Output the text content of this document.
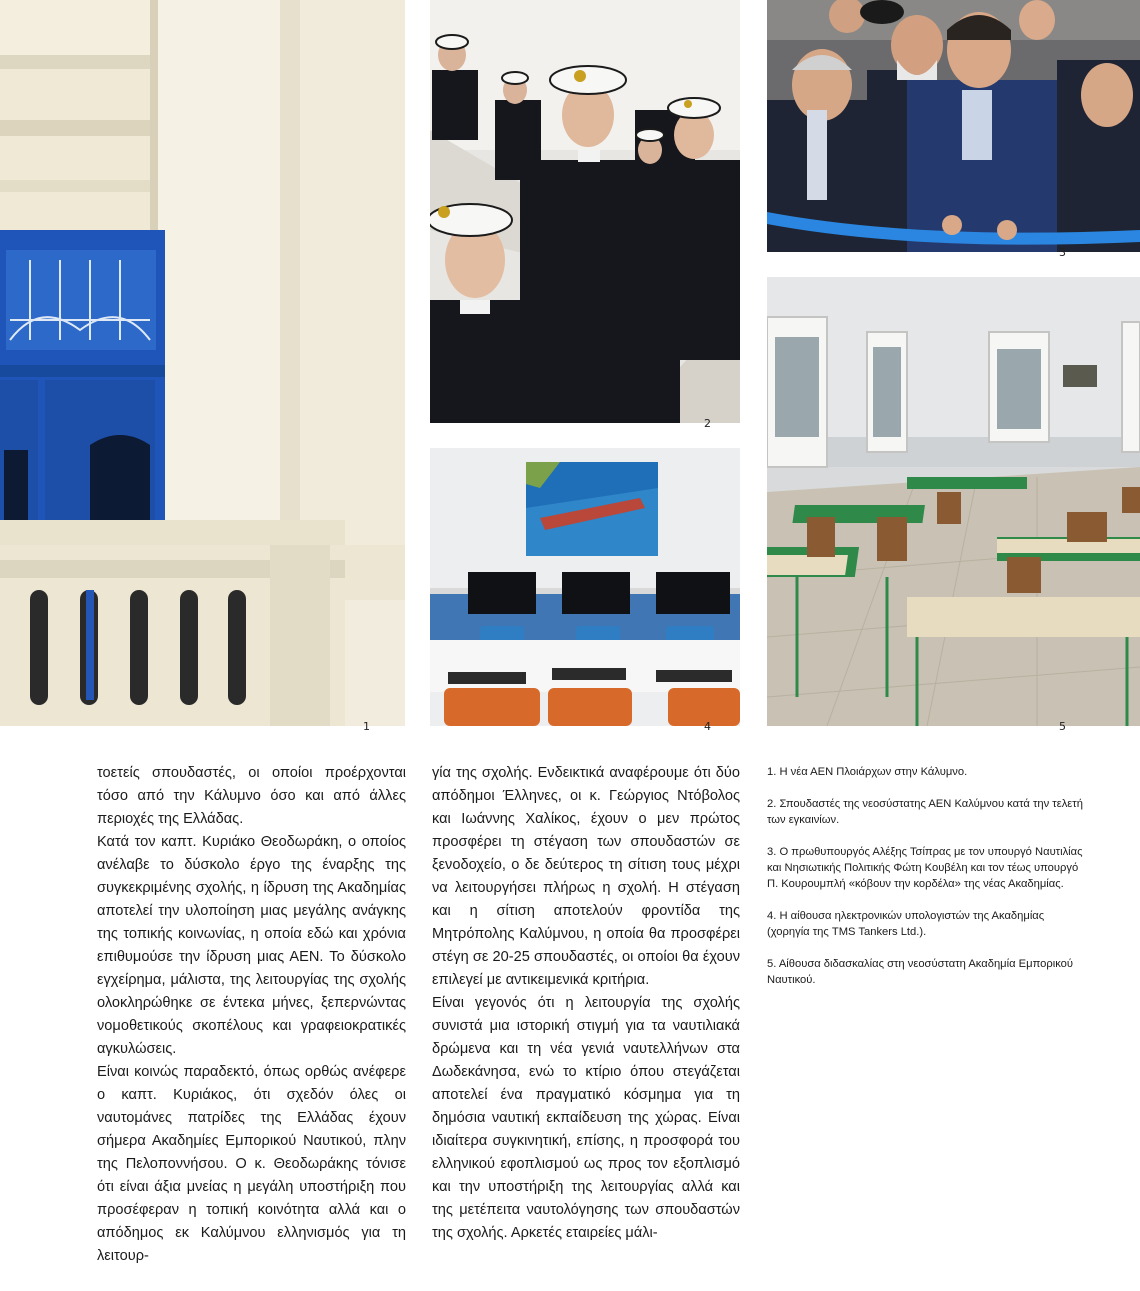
1
2
3
4	5

τοετείς σπουδαστές, οι οποίοι προέρχονται τόσο από την Κάλυμνο όσο και από άλλες περιοχές της Ελλάδας.

Κατά τον καπτ. Κυριάκο Θεοδωράκη, ο οποίος ανέλαβε το δύσκολο έργο της έναρξης της συγκεκριμένης σχολής, η ίδρυση της Ακαδημίας αποτελεί την υλοποίηση μιας μεγάλης ανάγκης της τοπικής κοινωνίας, η οποία εδώ και χρόνια επιθυμούσε την ίδρυση μιας ΑΕΝ. Το δύσκολο εγχείρημα, μάλιστα, της λειτουργίας της σχολής ολοκληρώθηκε σε έντεκα μήνες, ξεπερνώντας νομοθετικούς σκοπέλους και γραφειοκρατικές αγκυλώσεις.

Είναι κοινώς παραδεκτό, όπως ορθώς ανέφερε ο καπτ. Κυριάκος, ότι σχεδόν όλες οι ναυτομάνες πατρίδες της Ελλάδας έχουν σήμερα Ακαδημίες Εμπορικού Ναυτικού, πλην της Πελοποννήσου. Ο κ. Θεοδωράκης τόνισε ότι είναι άξια μνείας η μεγάλη υποστήριξη που προσέφεραν η τοπική κοινότητα αλλά και ο απόδημος εκ Καλύμνου ελληνισμός για τη λειτουρ-

γία της σχολής. Ενδεικτικά αναφέρουμε ότι δύο απόδημοι Έλληνες, οι κ. Γεώργιος Ντόβολος και Ιωάννης Χαλίκος, έχουν ο μεν πρώτος προσφέρει τη στέγαση των σπουδαστών σε ξενοδοχείο, ο δε δεύτερος τη σίτιση τους μέχρι να λειτουργήσει πλήρως η σχολή. Η στέγαση και η σίτιση αποτελούν φροντίδα της Μητρόπολης Καλύμνου, η οποία θα προσφέρει στέγη σε 20-25 σπουδαστές, οι οποίοι θα έχουν επιλεγεί με αντικειμενικά κριτήρια.

Είναι γεγονός ότι η λειτουργία της σχολής συνιστά μια ιστορική στιγμή για τα ναυτιλιακά δρώμενα και τη νέα γενιά ναυτελλήνων στα Δωδεκάνησα, ενώ το κτίριο όπου στεγάζεται αποτελεί ένα πραγματικό κόσμημα για τη δημόσια ναυτική εκπαίδευση της χώρας. Είναι ιδιαίτερα συγκινητική, επίσης, η προσφορά του ελληνικού εφοπλισμού ως προς τον εξοπλισμό και την υποστήριξη της λειτουργίας αλλά και της μετέπειτα ναυτολόγησης των σπουδαστών της σχολής. Αρκετές εταιρείες μάλι-

1. Η νέα ΑΕΝ Πλοιάρχων στην Κάλυμνο.

2. Σπουδαστές της νεοσύστατης ΑΕΝ Καλύμνου κατά την τελετή των εγκαινίων.

3. Ο πρωθυπουργός Αλέξης Τσίπρας με τον υπουργό Ναυτιλίας και Νησιωτικής Πολιτικής Φώτη Κουβέλη και τον τέως υπουργό Π. Κουρουμπλή «κόβουν την κορδέλα» της νέας Ακαδημίας.

4. Η αίθουσα ηλεκτρονικών υπολογιστών της Ακαδημίας (χορηγία της TMS Tankers Ltd.).

5. Αίθουσα διδασκαλίας στη νεοσύστατη Ακαδημία Εμπορικού Ναυτικού.
